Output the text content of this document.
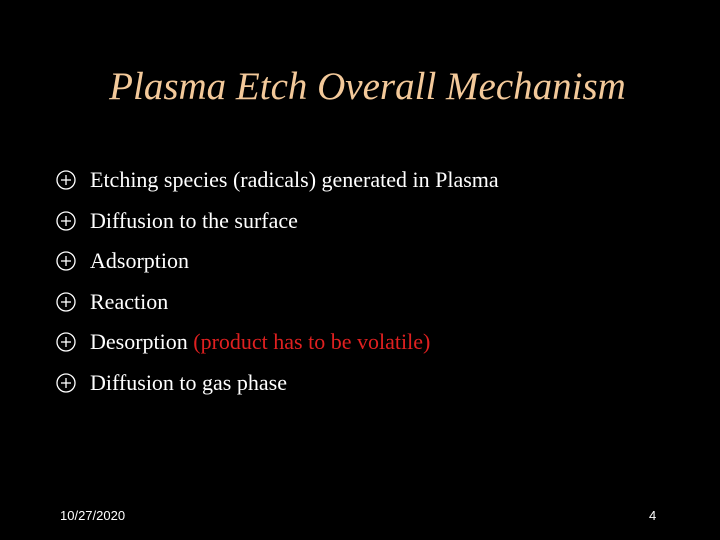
Plasma Etch Overall Mechanism
Etching species (radicals) generated in Plasma
Diffusion to the surface
Adsorption
Reaction
Desorption
(product has to be volatile)
Diffusion to gas phase
10/27/2020	4
